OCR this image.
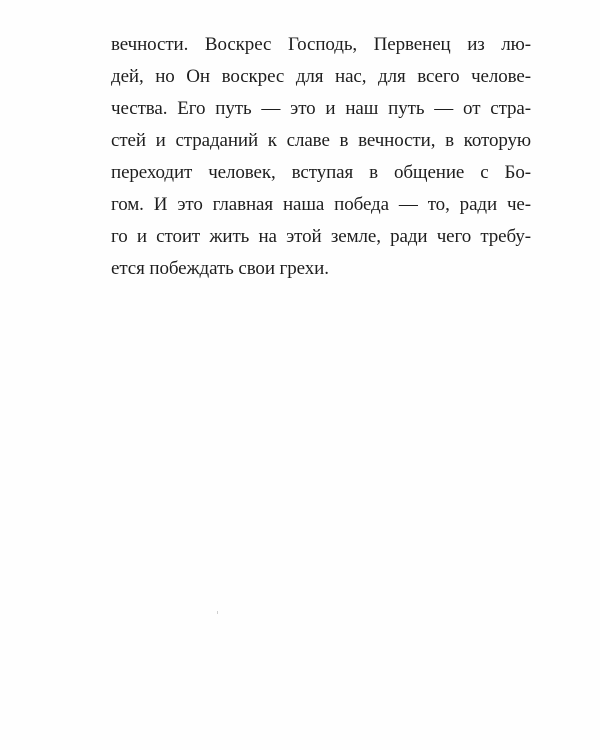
вечности. Воскрес Господь, Первенец из лю-
дей, но Он воскрес для нас, для всего челове-
чества. Его путь — это и наш путь — от стра-
стей и страданий к славе в вечности, в которую
переходит человек, вступая в общение с Бо-
гом. И это главная наша победа — то, ради че-
го и стоит жить на этой земле, ради чего требу-
ется побеждать свои грехи.
